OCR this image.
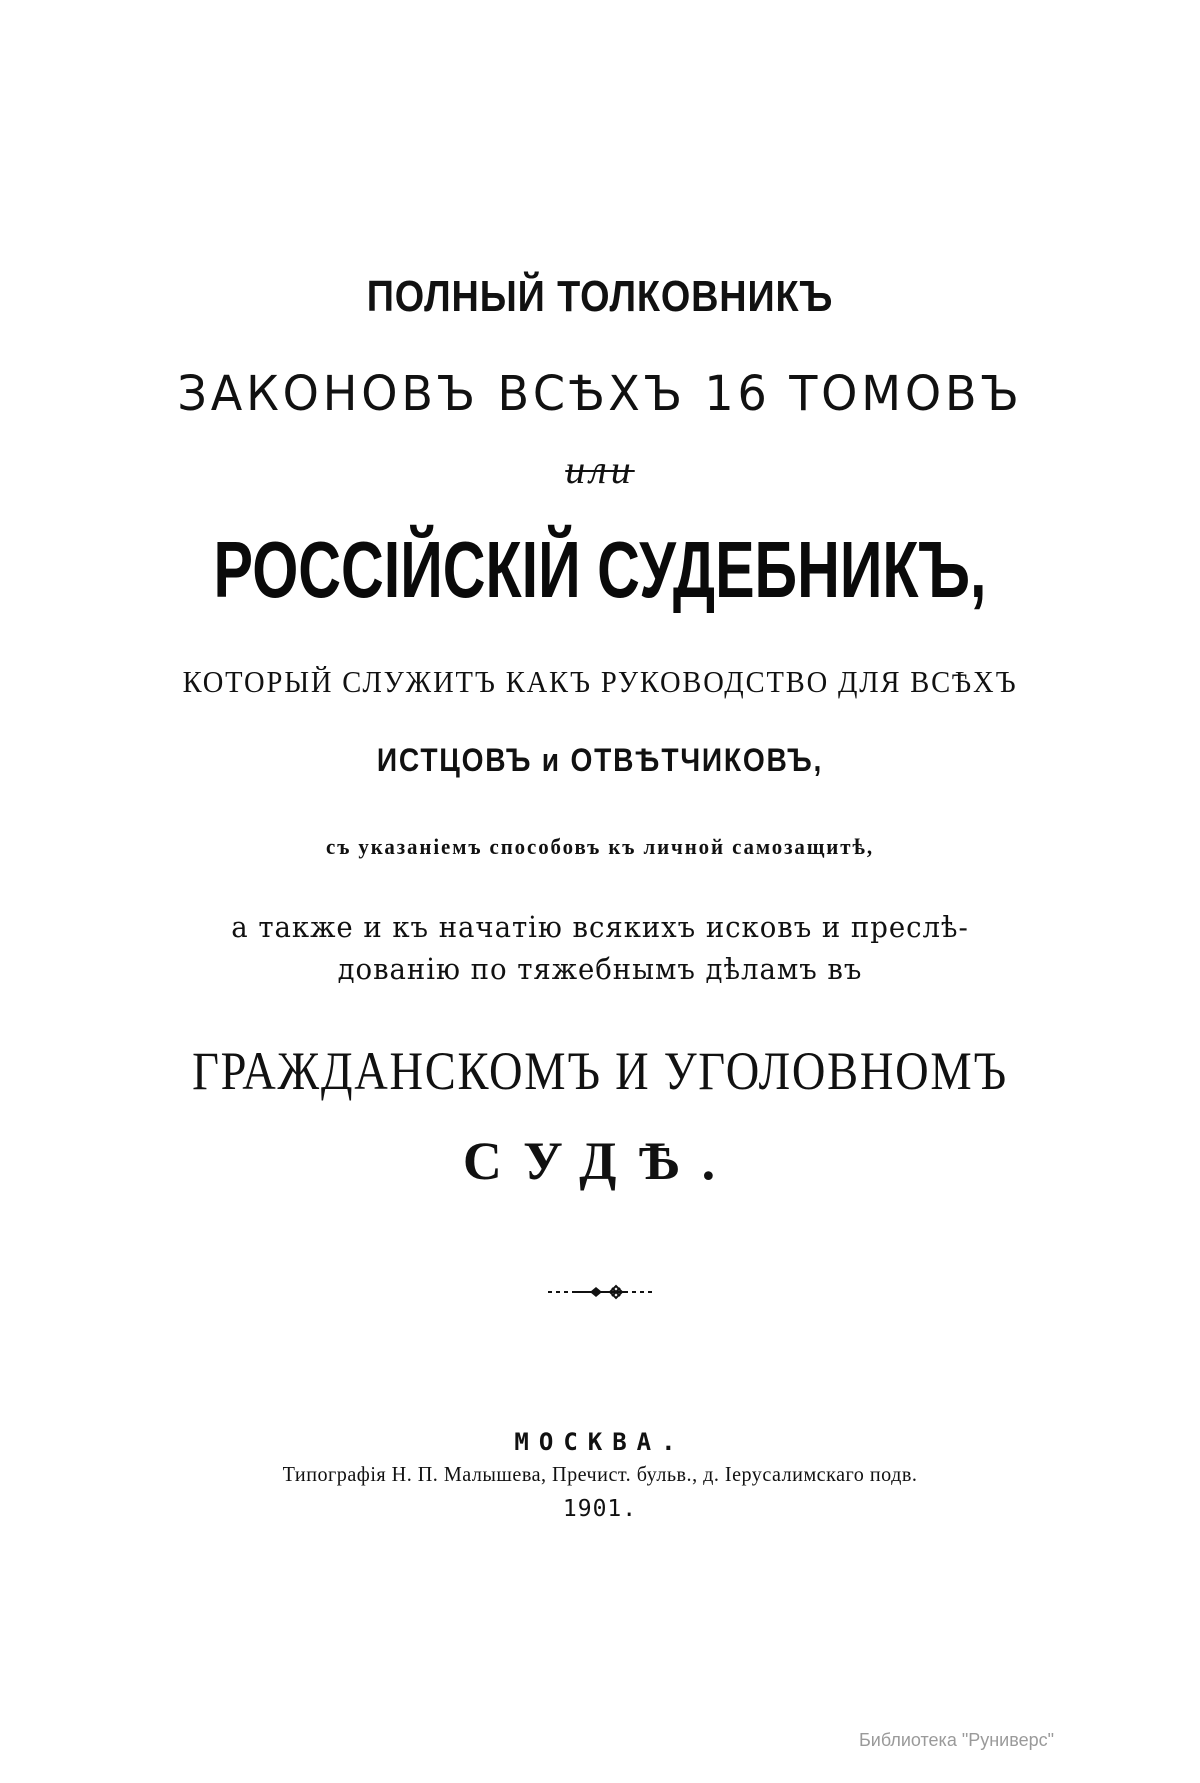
ПОЛНЫЙ ТОЛКОВНИКЪ
ЗАКОНОВЪ ВСѢХЪ 16 ТОМОВЪ
или
РОССІЙСКІЙ СУДЕБНИКЪ,
КОТОРЫЙ СЛУЖИТЪ КАКЪ РУКОВОДСТВО ДЛЯ ВСѢХЪ
ИСТЦОВЪ и ОТВѢТЧИКОВЪ,
съ указаніемъ способовъ къ личной самозащитѣ,
а также и къ начатію всякихъ исковъ и преслѣ-
дованію по тяжебнымъ дѣламъ въ
ГРАЖДАНСКОМЪ И УГОЛОВНОМЪ
СУДѢ.
МОСКВА.
Типографія Н. П. Малышева, Пречист. бульв., д. Іерусалимскаго подв.
1901.
Библиотека "Руниверс"
